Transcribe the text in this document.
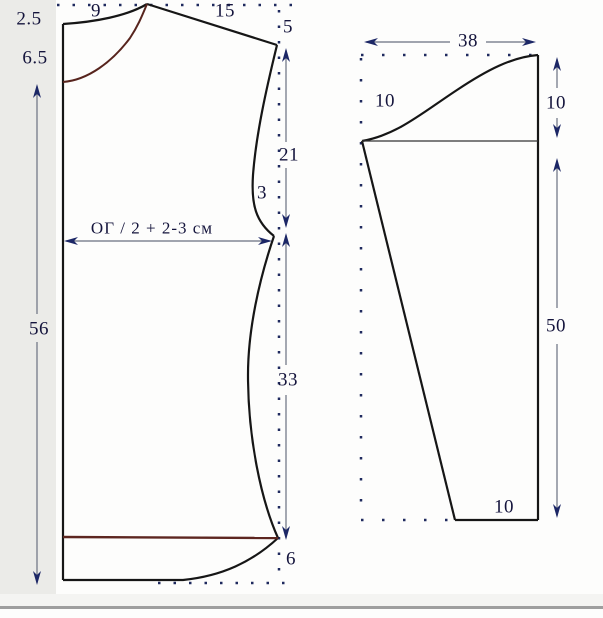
2.5	9	15
5
6.5
56
21
3
33
6
ОГ / 2 + 2-3 см
38
10	10
50
10
